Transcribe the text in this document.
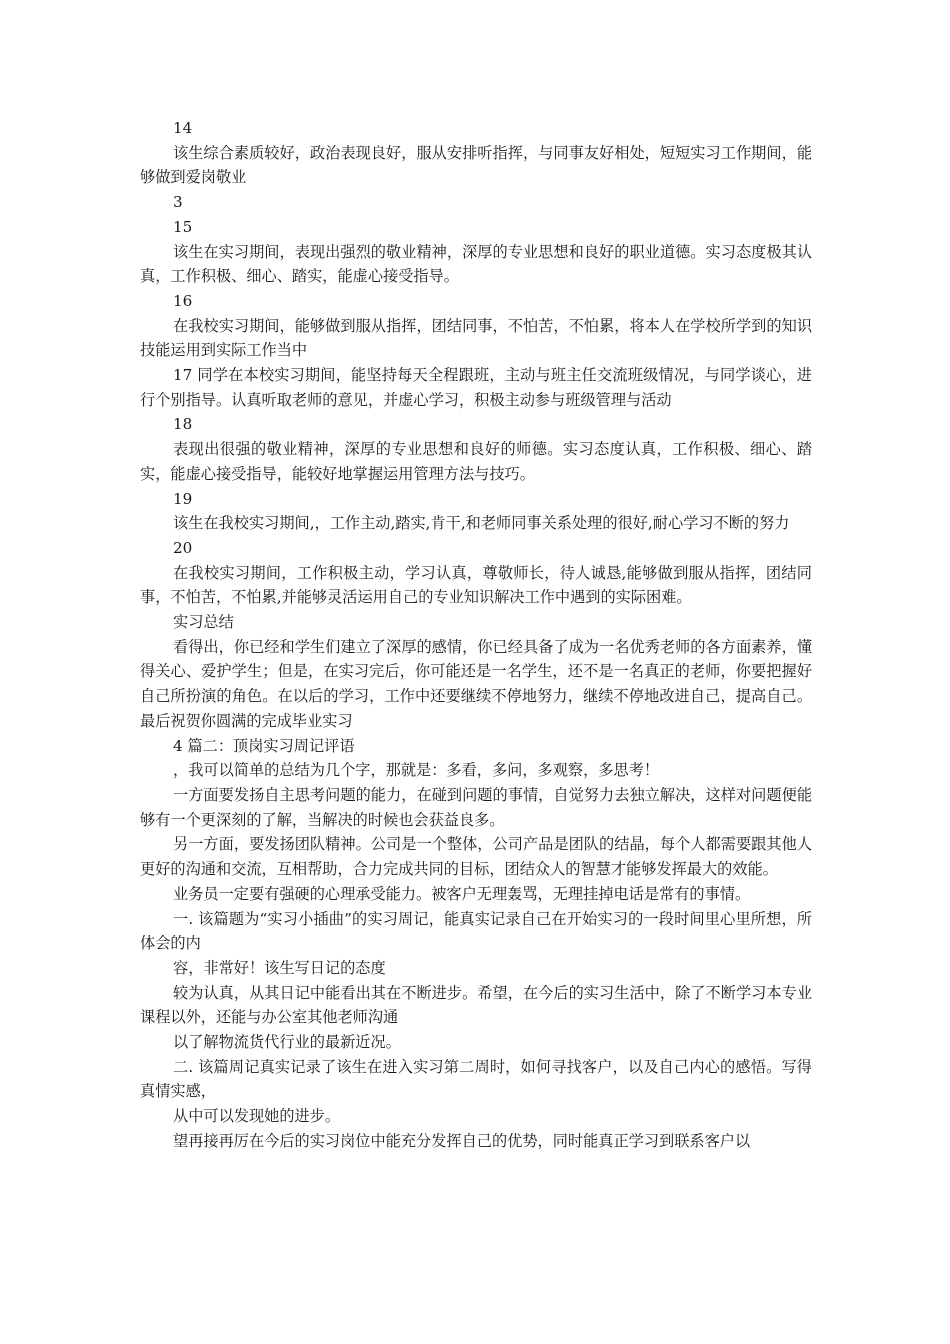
14

该生综合素质较好，政治表现良好，服从安排听指挥，与同事友好相处，短短实习工作期间，能够做到爱岗敬业

3

15

该生在实习期间，表现出强烈的敬业精神，深厚的专业思想和良好的职业道德。实习态度极其认真，工作积极、细心、踏实，能虚心接受指导。

16

在我校实习期间，能够做到服从指挥，团结同事，不怕苦，不怕累，将本人在学校所学到的知识技能运用到实际工作当中

17 同学在本校实习期间，能坚持每天全程跟班，主动与班主任交流班级情况，与同学谈心，进行个别指导。认真听取老师的意见，并虚心学习，积极主动参与班级管理与活动

18

表现出很强的敬业精神，深厚的专业思想和良好的师德。实习态度认真，工作积极、细心、踏实，能虚心接受指导，能较好地掌握运用管理方法与技巧。

19

该生在我校实习期间,，工作主动,踏实,肯干,和老师同事关系处理的很好,耐心学习不断的努力

20

在我校实习期间，工作积极主动，学习认真，尊敬师长，待人诚恳,能够做到服从指挥，团结同事，不怕苦，不怕累,并能够灵活运用自己的专业知识解决工作中遇到的实际困难。

实习总结

看得出，你已经和学生们建立了深厚的感情，你已经具备了成为一名优秀老师的各方面素养，懂得关心、爱护学生；但是，在实习完后，你可能还是一名学生，还不是一名真正的老师，你要把握好自己所扮演的角色。在以后的学习，工作中还要继续不停地努力，继续不停地改进自己，提高自己。最后祝贺你圆满的完成毕业实习

4 篇二：顶岗实习周记评语

，我可以简单的总结为几个字，那就是：多看，多问，多观察，多思考！

一方面要发扬自主思考问题的能力，在碰到问题的事情，自觉努力去独立解决，这样对问题便能够有一个更深刻的了解，当解决的时候也会获益良多。

另一方面，要发扬团队精神。公司是一个整体，公司产品是团队的结晶，每个人都需要跟其他人更好的沟通和交流，互相帮助，合力完成共同的目标，团结众人的智慧才能够发挥最大的效能。

业务员一定要有强硬的心理承受能力。被客户无理轰骂，无理挂掉电话是常有的事情。

一. 该篇题为“实习小插曲”的实习周记，能真实记录自己在开始实习的一段时间里心里所想，所体会的内

容，非常好！该生写日记的态度

较为认真，从其日记中能看出其在不断进步。希望，在今后的实习生活中，除了不断学习本专业课程以外，还能与办公室其他老师沟通

以了解物流货代行业的最新近况。

二. 该篇周记真实记录了该生在进入实习第二周时，如何寻找客户，以及自己内心的感悟。写得真情实感，

从中可以发现她的进步。

望再接再厉在今后的实习岗位中能充分发挥自己的优势，同时能真正学习到联系客户以
